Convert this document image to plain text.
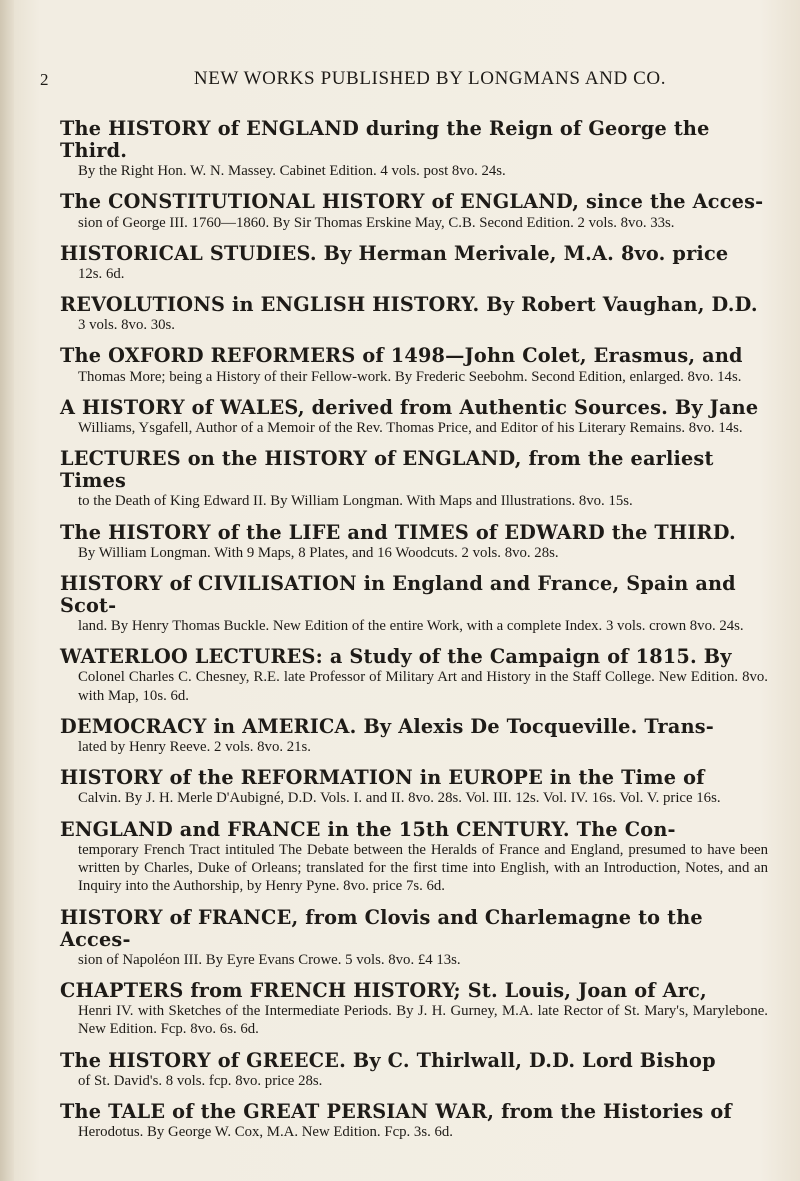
2	NEW WORKS PUBLISHED BY LONGMANS AND CO.
The HISTORY of ENGLAND during the Reign of George the Third.
By the Right Hon. W. N. Massey. Cabinet Edition. 4 vols. post 8vo. 24s.
The CONSTITUTIONAL HISTORY of ENGLAND, since the Acces-
sion of George III. 1760—1860. By Sir Thomas Erskine May, C.B. Second Edition. 2 vols. 8vo. 33s.
HISTORICAL STUDIES. By Herman Merivale, M.A. 8vo. price
12s. 6d.
REVOLUTIONS in ENGLISH HISTORY. By Robert Vaughan, D.D.
3 vols. 8vo. 30s.
The OXFORD REFORMERS of 1498—John Colet, Erasmus, and
Thomas More; being a History of their Fellow-work. By Frederic Seebohm. Second Edition, enlarged. 8vo. 14s.
A HISTORY of WALES, derived from Authentic Sources. By Jane
Williams, Ysgafell, Author of a Memoir of the Rev. Thomas Price, and Editor of his Literary Remains. 8vo. 14s.
LECTURES on the HISTORY of ENGLAND, from the earliest Times
to the Death of King Edward II. By William Longman. With Maps and Illustrations. 8vo. 15s.
The HISTORY of the LIFE and TIMES of EDWARD the THIRD.
By William Longman. With 9 Maps, 8 Plates, and 16 Woodcuts. 2 vols. 8vo. 28s.
HISTORY of CIVILISATION in England and France, Spain and Scot-
land. By Henry Thomas Buckle. New Edition of the entire Work, with a complete Index. 3 vols. crown 8vo. 24s.
WATERLOO LECTURES: a Study of the Campaign of 1815. By
Colonel Charles C. Chesney, R.E. late Professor of Military Art and History in the Staff College. New Edition. 8vo. with Map, 10s. 6d.
DEMOCRACY in AMERICA. By Alexis De Tocqueville. Trans-
lated by Henry Reeve. 2 vols. 8vo. 21s.
HISTORY of the REFORMATION in EUROPE in the Time of
Calvin. By J. H. Merle D'Aubigné, D.D. Vols. I. and II. 8vo. 28s. Vol. III. 12s. Vol. IV. 16s. Vol. V. price 16s.
ENGLAND and FRANCE in the 15th CENTURY. The Con-
temporary French Tract intituled The Debate between the Heralds of France and England, presumed to have been written by Charles, Duke of Orleans; translated for the first time into English, with an Introduction, Notes, and an Inquiry into the Authorship, by Henry Pyne. 8vo. price 7s. 6d.
HISTORY of FRANCE, from Clovis and Charlemagne to the Acces-
sion of Napoléon III. By Eyre Evans Crowe. 5 vols. 8vo. £4 13s.
CHAPTERS from FRENCH HISTORY; St. Louis, Joan of Arc,
Henri IV. with Sketches of the Intermediate Periods. By J. H. Gurney, M.A. late Rector of St. Mary's, Marylebone. New Edition. Fcp. 8vo. 6s. 6d.
The HISTORY of GREECE. By C. Thirlwall, D.D. Lord Bishop
of St. David's. 8 vols. fcp. 8vo. price 28s.
The TALE of the GREAT PERSIAN WAR, from the Histories of
Herodotus. By George W. Cox, M.A. New Edition. Fcp. 3s. 6d.
